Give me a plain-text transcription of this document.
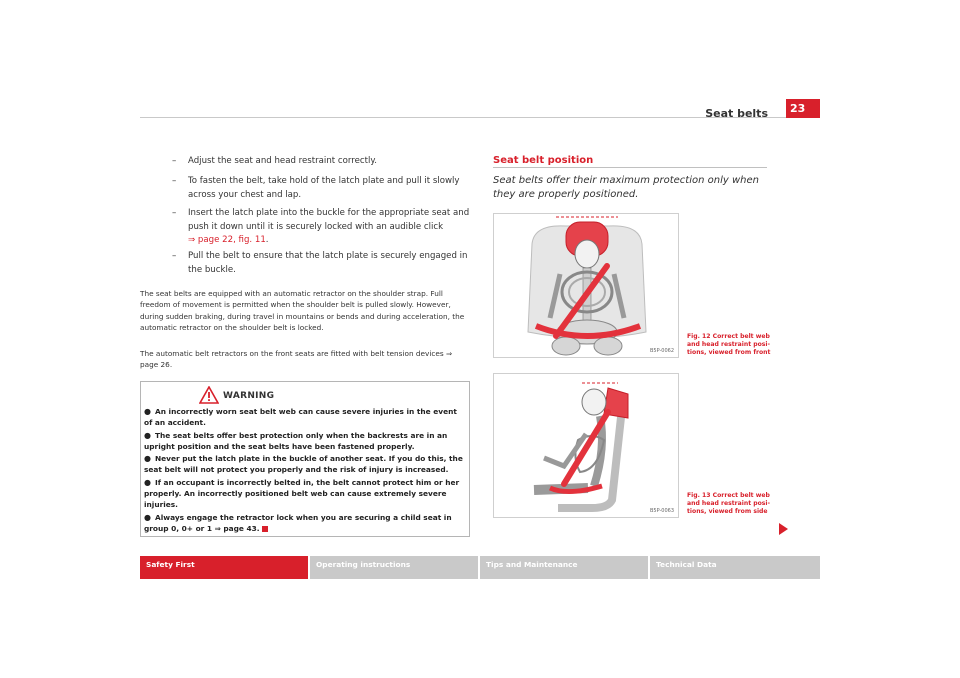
Seat belts	23
– Adjust the seat and head restraint correctly.
– To fasten the belt, take hold of the latch plate and pull it slowly across your chest and lap.
– Insert the latch plate into the buckle for the appropriate seat and push it down until it is securely locked with an audible click
⇒ page 22, fig. 11.
– Pull the belt to ensure that the latch plate is securely engaged in the buckle.
The seat belts are equipped with an automatic retractor on the shoulder strap. Full freedom of movement is permitted when the shoulder belt is pulled slowly. However, during sudden braking, during travel in mountains or bends and during acceleration, the automatic retractor on the shoulder belt is locked.
The automatic belt retractors on the front seats are fitted with belt tension devices ⇒ page 26.
WARNING
● An incorrectly worn seat belt web can cause severe injuries in the event of an accident.
● The seat belts offer best protection only when the backrests are in an upright position and the seat belts have been fastened properly.
● Never put the latch plate in the buckle of another seat. If you do this, the seat belt will not protect you properly and the risk of injury is increased.
● If an occupant is incorrectly belted in, the belt cannot protect him or her properly. An incorrectly positioned belt web can cause extremely severe injuries.
● Always engage the retractor lock when you are securing a child seat in group 0, 0+ or 1 ⇒ page 43.
Seat belt position
Seat belts offer their maximum protection only when they are properly positioned.
B5P-0062
Fig. 12 Correct belt web and head restraint posi-tions, viewed from front
B5P-0063
Fig. 13 Correct belt web and head restraint posi-tions, viewed from side
Safety First	Operating instructions	Tips and Maintenance	Technical Data
